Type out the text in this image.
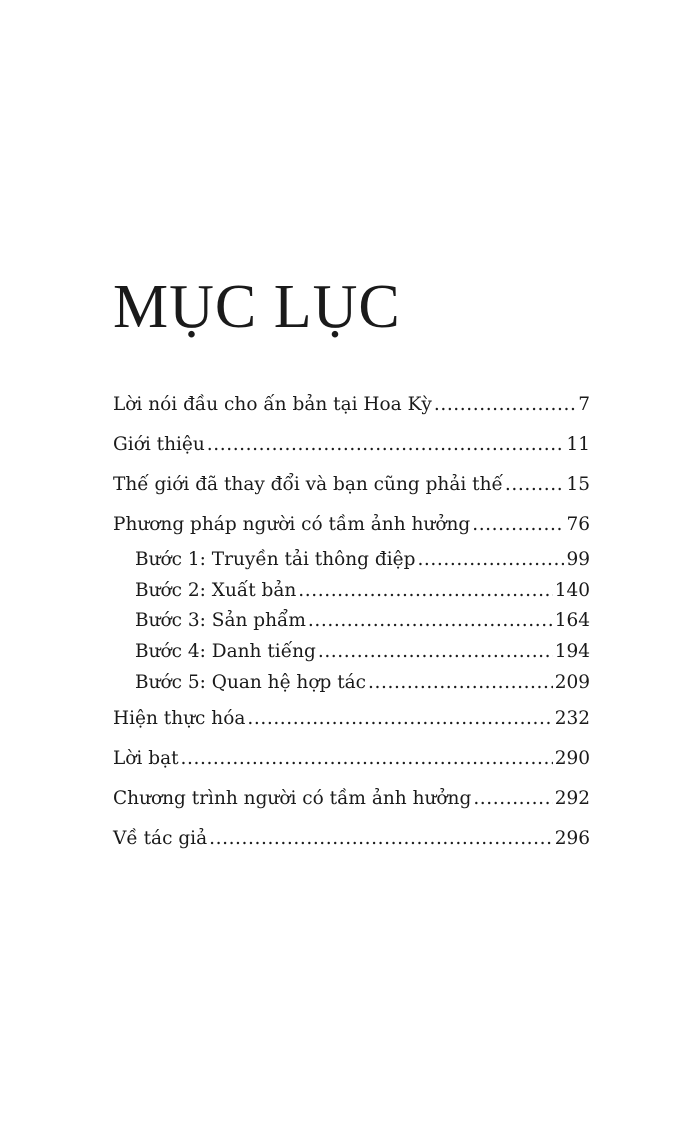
MỤC LỤC
Lời nói đầu cho ấn bản tại Hoa Kỳ .....	7
Giới thiệu .....	11
Thế giới đã thay đổi và bạn cũng phải thế .....	15
Phương pháp người có tầm ảnh hưởng .....	76
Bước 1: Truyền tải thông điệp .....	99
Bước 2: Xuất bản .....	140
Bước 3: Sản phẩm .....	164
Bước 4: Danh tiếng .....	194
Bước 5: Quan hệ hợp tác .....	209
Hiện thực hóa .....	232
Lời bạt .....	290
Chương trình người có tầm ảnh hưởng .....	292
Về tác giả .....	296
